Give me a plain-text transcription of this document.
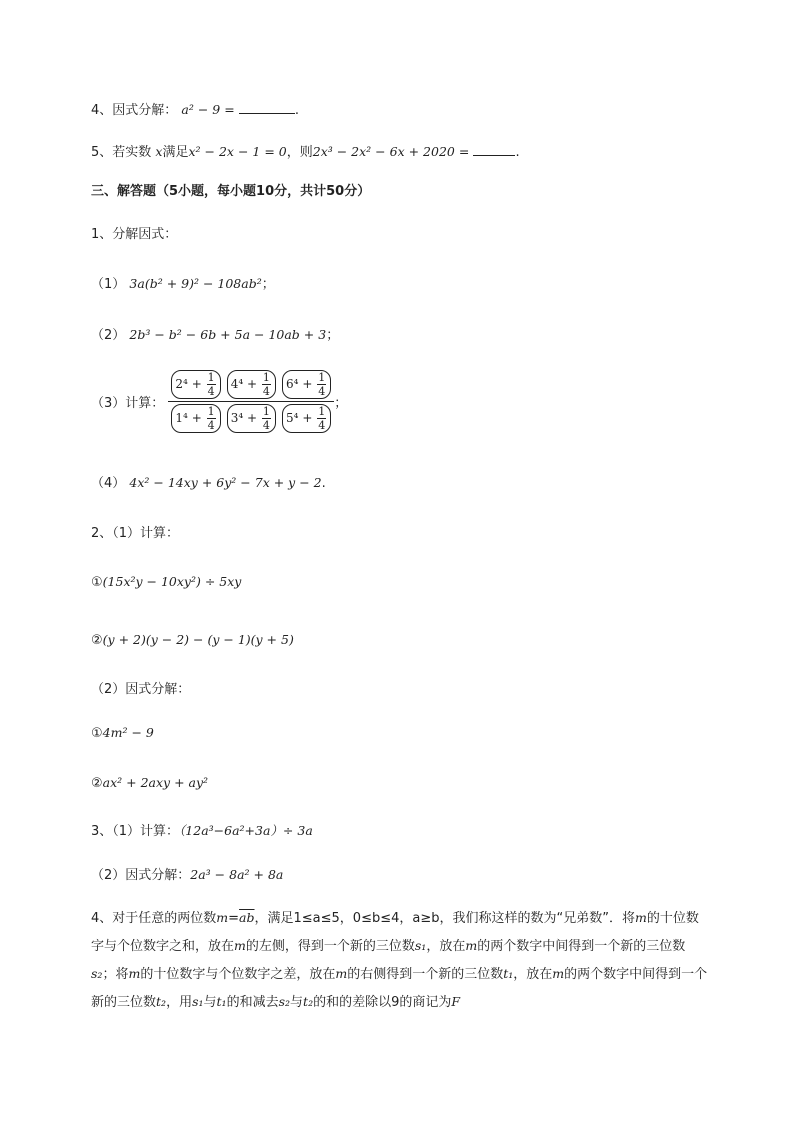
4、因式分解： a² − 9 =	.
5、若实数 x满足x² − 2x − 1 = 0，则2x³ − 2x² − 6x + 2020 =	.
三、解答题（5小题，每小题10分，共计50分）
1、分解因式：
（1） 3a(b² + 9)² − 108ab²；
（2） 2b³ − b² − 6b + 5a − 10ab + 3；
（3）计算： $\frac{2^4 + \frac{1}{4} 4^4 + \frac{1}{4} 6^4 + \frac{1}{4}}{1^4 + \frac{1}{4} 3^4 + \frac{1}{4} 5^4 + \frac{1}{4}}$ ；
（4） 4x² − 14xy + 6y² − 7x + y − 2.
2、（1）计算：
①(15x²y − 10xy²) ÷ 5xy
②(y + 2)(y − 2) − (y − 1)(y + 5)
（2）因式分解：
①4m² − 9
②ax² + 2axy + ay²
3、（1）计算：（12a³−6a²+3a）÷ 3a
（2）因式分解：2a³ − 8a² + 8a
4、对于任意的两位数$m=\overline{ab}$，满足1≤a≤5，0≤b≤4，a≥b，我们称这样的数为“兄弟数”．将m的十位数字与个位数字之和，放在m的左侧，得到一个新的三位数s₁，放在m的两个数字中间得到一个新的三位数s₂；将m的十位数字与个位数字之差，放在m的右侧得到一个新的三位数t₁，放在m的两个数字中间得到一个新的三位数t₂，用s₁与t₁的和减去s₂与t₂的和的差除以9的商记为F
